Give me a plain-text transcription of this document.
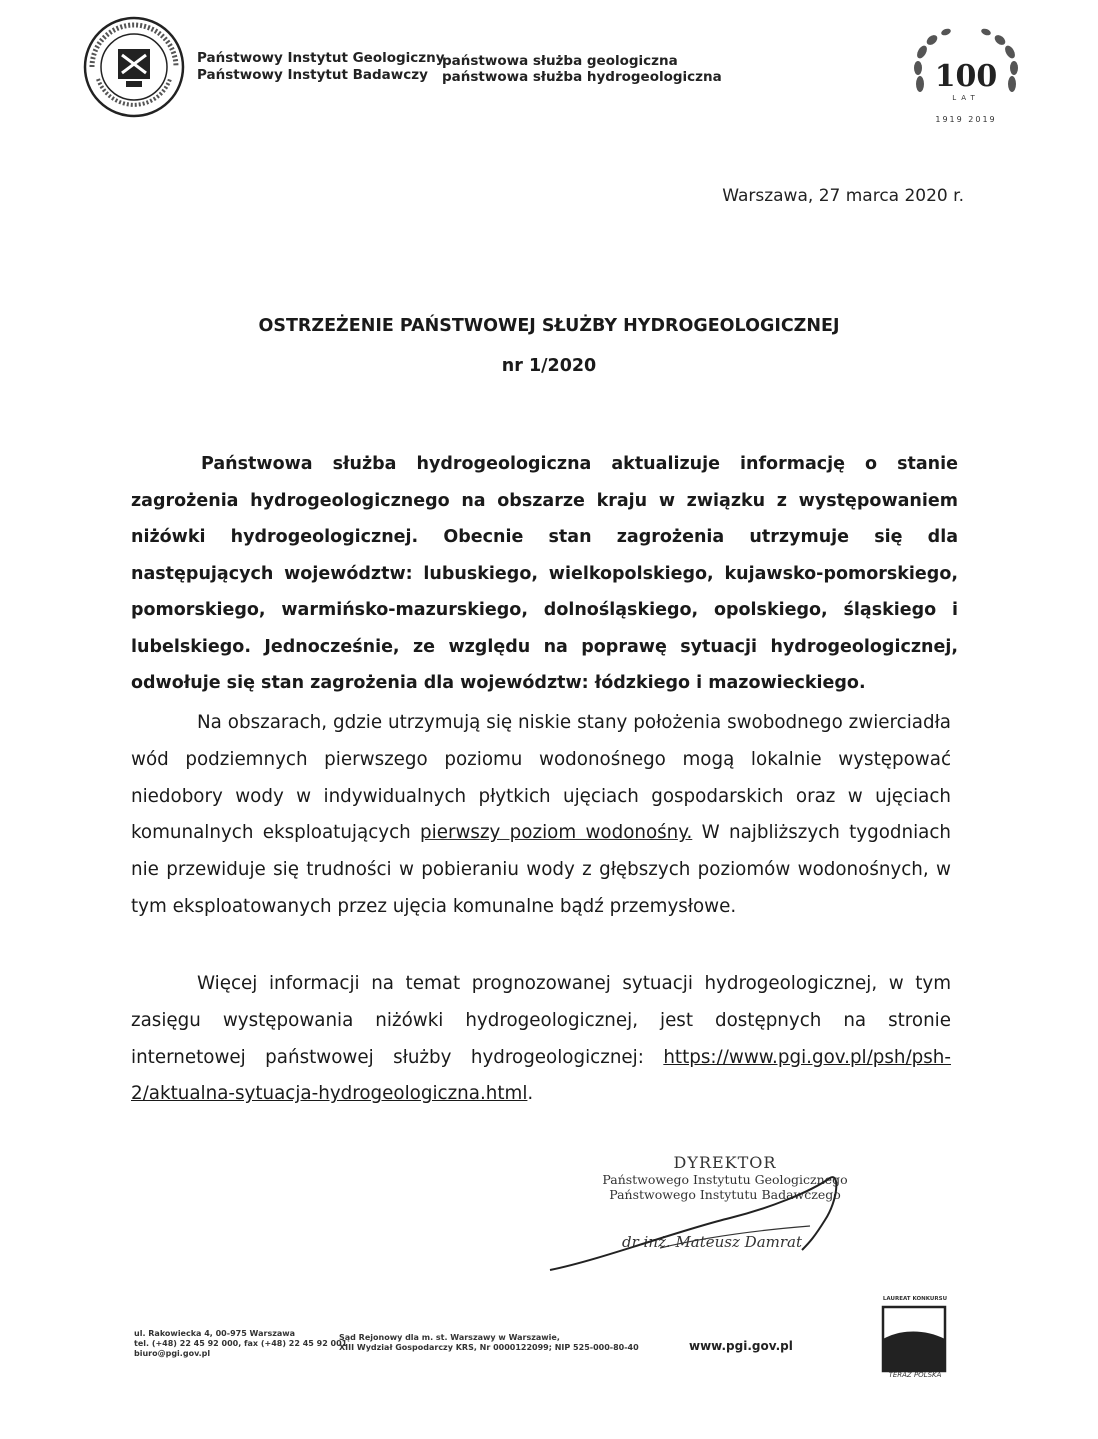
Państwowy Instytut Geologiczny
Państwowy Instytut Badawczy
państwowa służba geologiczna
państwowa służba hydrogeologiczna	100
LAT
1919 2019
Warszawa, 27 marca 2020 r.
OSTRZEŻENIE PAŃSTWOWEJ SŁUŻBY HYDROGEOLOGICZNEJ
nr 1/2020
Państwowa służba hydrogeologiczna aktualizuje informację o stanie zagrożenia hydrogeologicznego na obszarze kraju w związku z występowaniem niżówki hydrogeologicznej. Obecnie stan zagrożenia utrzymuje się dla następujących województw: lubuskiego, wielkopolskiego, kujawsko-pomorskiego, pomorskiego, warmińsko-mazurskiego, dolnośląskiego, opolskiego, śląskiego i lubelskiego. Jednocześnie, ze względu na poprawę sytuacji hydrogeologicznej, odwołuje się stan zagrożenia dla województw: łódzkiego i mazowieckiego.
Na obszarach, gdzie utrzymują się niskie stany położenia swobodnego zwierciadła wód podziemnych pierwszego poziomu wodonośnego mogą lokalnie występować niedobory wody w indywidualnych płytkich ujęciach gospodarskich oraz w ujęciach komunalnych eksploatujących pierwszy poziom wodonośny. W najbliższych tygodniach nie przewiduje się trudności w pobieraniu wody z głębszych poziomów wodonośnych, w tym eksploatowanych przez ujęcia komunalne bądź przemysłowe.
Więcej informacji na temat prognozowanej sytuacji hydrogeologicznej, w tym zasięgu występowania niżówki hydrogeologicznej, jest dostępnych na stronie internetowej państwowej służby hydrogeologicznej: https://www.pgi.gov.pl/psh/psh-2/aktualna-sytuacja-hydrogeologiczna.html.
DYREKTOR
Państwowego Instytutu Geologicznego
Państwowego Instytutu Badawczego
dr inż. Mateusz Damrat
ul. Rakowiecka 4, 00-975 Warszawa
tel. (+48) 22 45 92 000, fax (+48) 22 45 92 001
biuro@pgi.gov.pl
Sąd Rejonowy dla m. st. Warszawy w Warszawie,
XIII Wydział Gospodarczy KRS, Nr 0000122099; NIP 525-000-80-40	www.pgi.gov.pl
LAUREAT KONKURSU
TERAZ POLSKA
